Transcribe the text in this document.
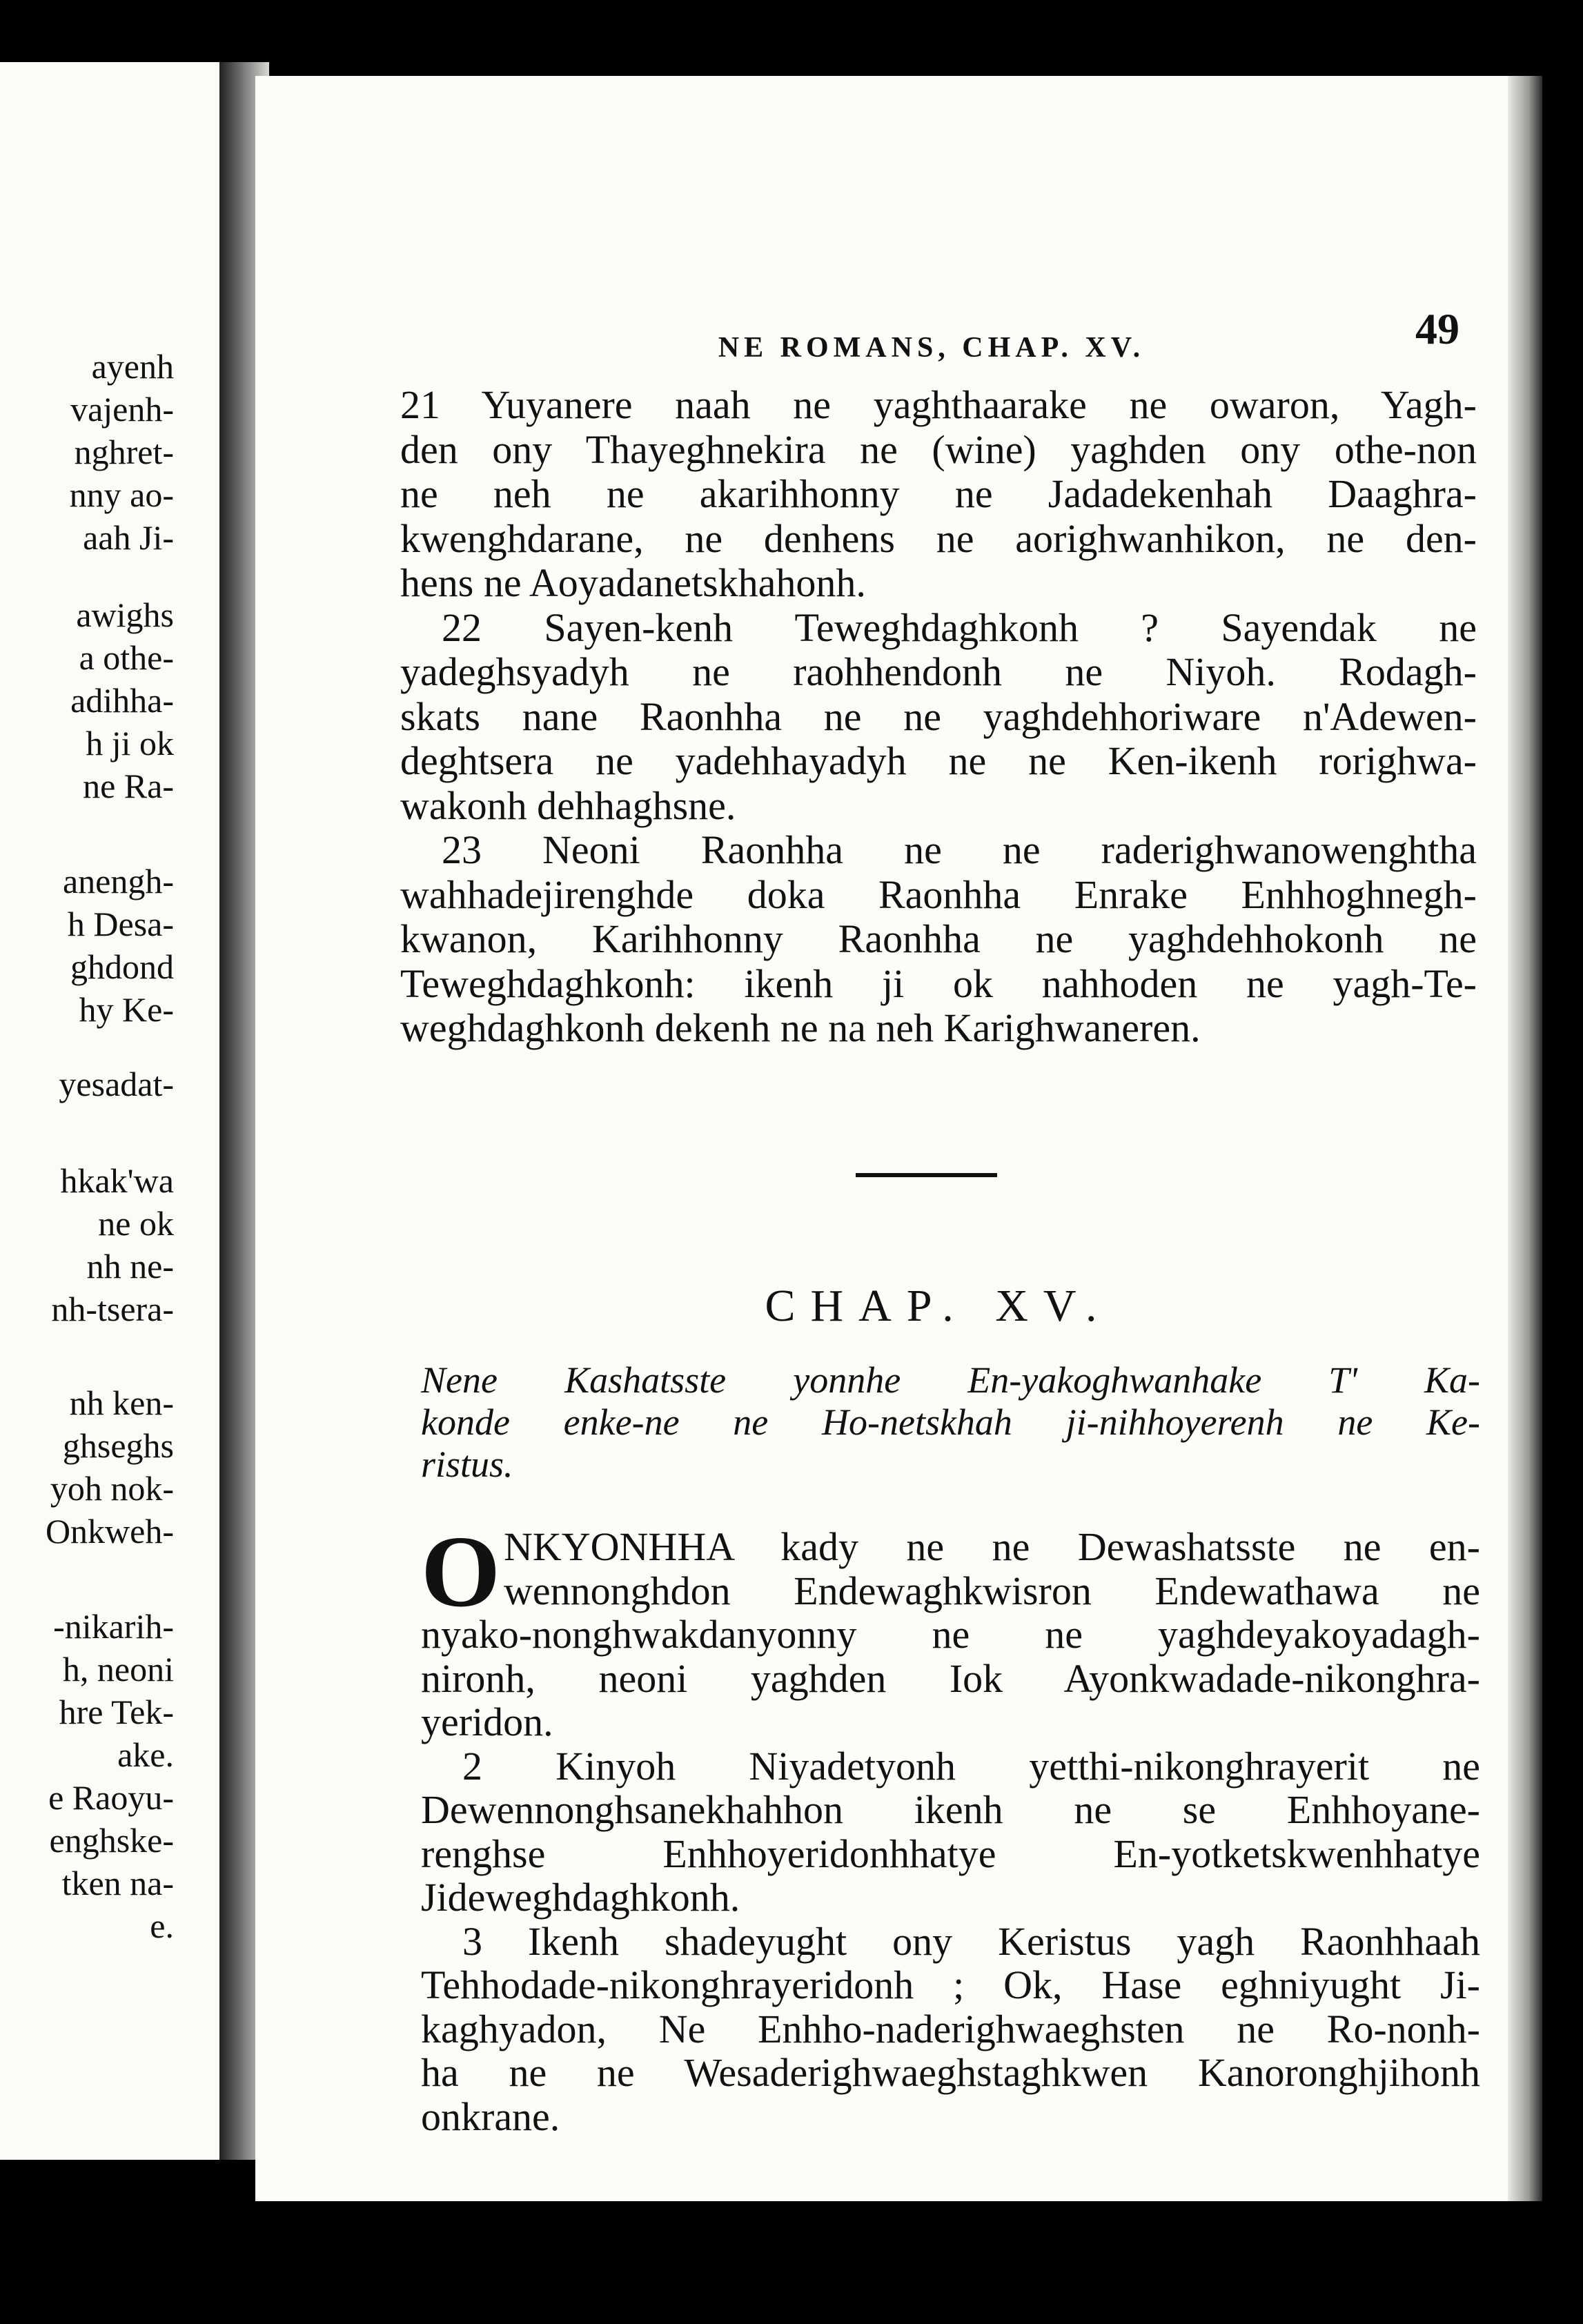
ayenh
vajenh-
nghret-
nny ao-
aah Ji-
awighs
a othe-
adihha-
h ji ok
ne Ra-
anengh-
h Desa-
ghdond
hy Ke-
yesadat-
hkak'wa
ne ok
nh ne-
nh-tsera-
nh ken-
ghseghs
yoh nok-
Onkweh-
-nikarih-
h, neoni
hre Tek-
ake.
e Raoyu-
enghske-
tken na-
e.
NE ROMANS, CHAP. XV.	49
21 Yuyanere naah ne yaghthaarake ne owaron, Yagh-
den ony Thayeghnekira ne (wine) yaghden ony othe-non
ne neh ne akarihhonny ne Jadadekenhah Daaghra-
kwenghdarane, ne denhens ne aorighwanhikon, ne den-
hens ne Aoyadanetskhahonh.
22 Sayen-kenh Teweghdaghkonh ? Sayendak ne
yadeghsyadyh ne raohhendonh ne Niyoh. Rodagh-
skats nane Raonhha ne ne yaghdehhoriware n'Adewen-
deghtsera ne yadehhayadyh ne ne Ken-ikenh rorighwa-
wakonh dehhaghsne.
23 Neoni Raonhha ne ne raderighwanowenghtha
wahhadejirenghde doka Raonhha Enrake Enhhoghnegh-
kwanon, Karihhonny Raonhha ne yaghdehhokonh ne
Teweghdaghkonh: ikenh ji ok nahhoden ne yagh-Te-
weghdaghkonh dekenh ne na neh Karighwaneren.
CHAP. XV.
Nene Kashatsste yonnhe En-yakoghwanhake T' Ka-
konde enke-ne ne Ho-netskhah ji-nihhoyerenh ne Ke-
ristus.
O NKYONHHA kady ne ne Dewashatsste ne en-
wennonghdon Endewaghkwisron Endewathawa ne
nyako-nonghwakdanyonny ne ne yaghdeyakoyadagh-
nironh, neoni yaghden Iok Ayonkwadade-nikonghra-
yeridon.
2 Kinyoh Niyadetyonh yetthi-nikonghrayerit ne
Dewennonghsanekhahhon ikenh ne se Enhhoyane-
renghse Enhhoyeridonhhatye En-yotketskwenhhatye
Jideweghdaghkonh.
3 Ikenh shadeyught ony Keristus yagh Raonhhaah
Tehhodade-nikonghrayeridonh ; Ok, Hase eghniyught Ji-
kaghyadon, Ne Enhho-naderighwaeghsten ne Ro-nonh-
ha ne ne Wesaderighwaeghstaghkwen Kanoronghjihonh
onkrane.
